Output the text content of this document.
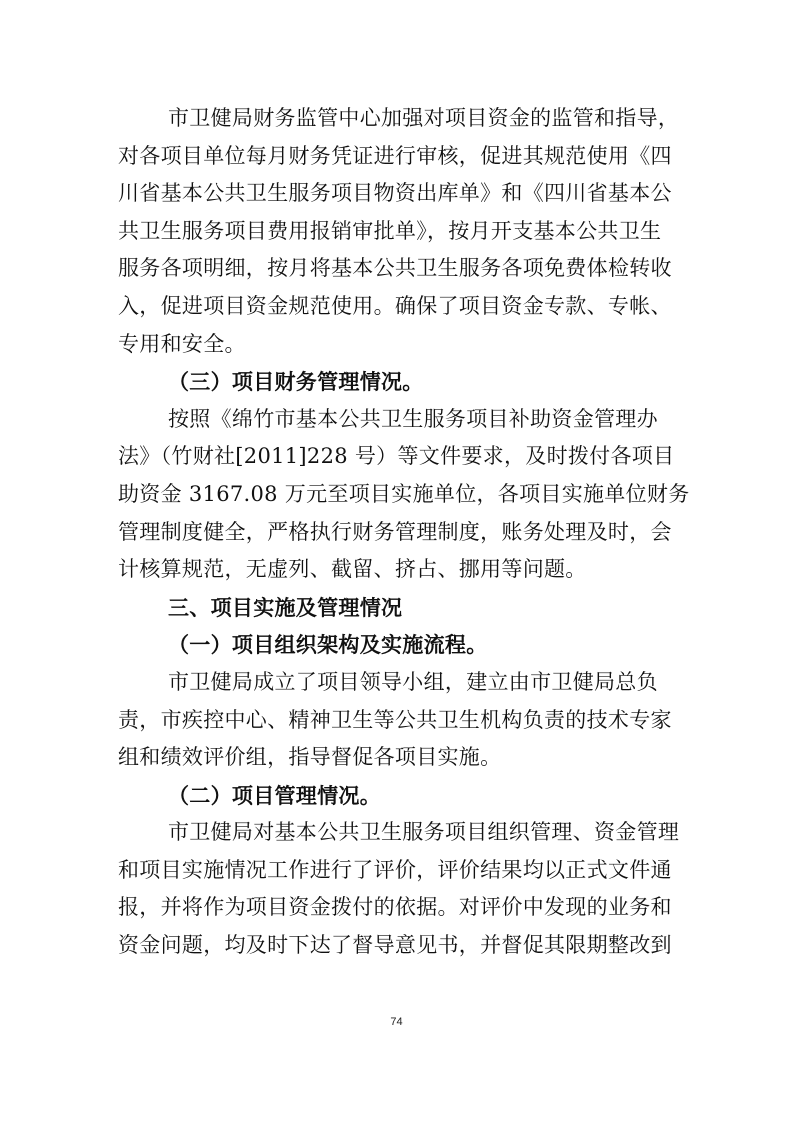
市卫健局财务监管中心加强对项目资金的监管和指导，
对各项目单位每月财务凭证进行审核，促进其规范使用《四
川省基本公共卫生服务项目物资出库单》和《四川省基本公
共卫生服务项目费用报销审批单》，按月开支基本公共卫生
服务各项明细，按月将基本公共卫生服务各项免费体检转收
入，促进项目资金规范使用。确保了项目资金专款、专帐、
专用和安全。
（三）项目财务管理情况。
按照《绵竹市基本公共卫生服务项目补助资金管理办
法》（竹财社[2011]228 号）等文件要求，及时拨付各项目
助资金 3167.08 万元至项目实施单位，各项目实施单位财务
管理制度健全，严格执行财务管理制度，账务处理及时，会
计核算规范，无虚列、截留、挤占、挪用等问题。
三、项目实施及管理情况
（一）项目组织架构及实施流程。
市卫健局成立了项目领导小组，建立由市卫健局总负
责，市疾控中心、精神卫生等公共卫生机构负责的技术专家
组和绩效评价组，指导督促各项目实施。
（二）项目管理情况。
市卫健局对基本公共卫生服务项目组织管理、资金管理
和项目实施情况工作进行了评价，评价结果均以正式文件通
报，并将作为项目资金拨付的依据。对评价中发现的业务和
资金问题，均及时下达了督导意见书，并督促其限期整改到
74
